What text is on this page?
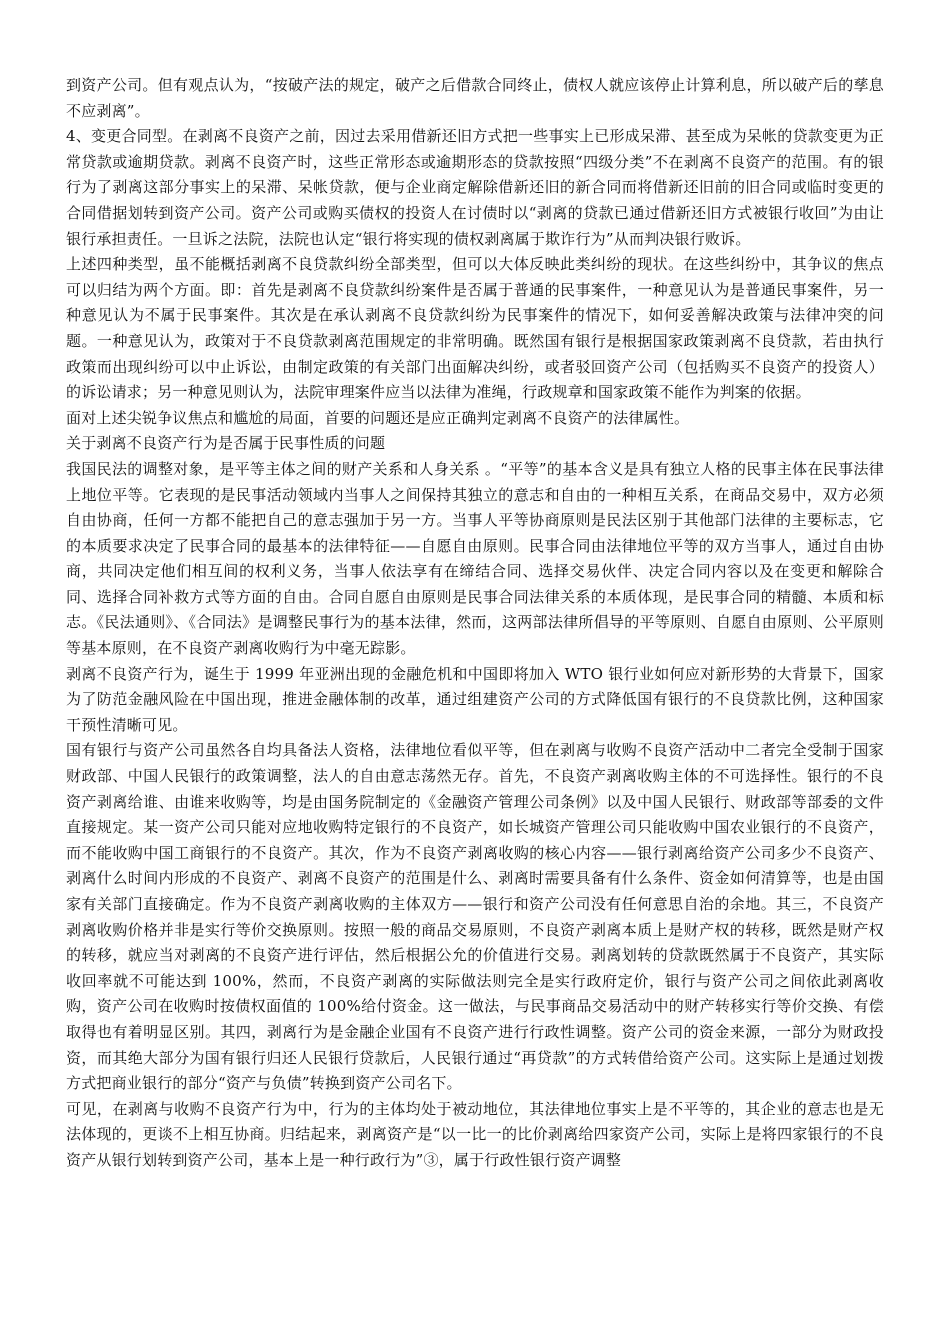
到资产公司。但有观点认为，“按破产法的规定，破产之后借款合同终止，债权人就应该停止计算利息，所以破产后的孳息不应剥离”。

4、变更合同型。在剥离不良资产之前，因过去采用借新还旧方式把一些事实上已形成呆滞、甚至成为呆帐的贷款变更为正常贷款或逾期贷款。剥离不良资产时，这些正常形态或逾期形态的贷款按照“四级分类”不在剥离不良资产的范围。有的银行为了剥离这部分事实上的呆滞、呆帐贷款，便与企业商定解除借新还旧的新合同而将借新还旧前的旧合同或临时变更的合同借据划转到资产公司。资产公司或购买债权的投资人在讨债时以“剥离的贷款已通过借新还旧方式被银行收回”为由让银行承担责任。一旦诉之法院，法院也认定“银行将实现的债权剥离属于欺诈行为”从而判决银行败诉。

上述四种类型，虽不能概括剥离不良贷款纠纷全部类型，但可以大体反映此类纠纷的现状。在这些纠纷中，其争议的焦点可以归结为两个方面。即：首先是剥离不良贷款纠纷案件是否属于普通的民事案件，一种意见认为是普通民事案件，另一种意见认为不属于民事案件。其次是在承认剥离不良贷款纠纷为民事案件的情况下，如何妥善解决政策与法律冲突的问题。一种意见认为，政策对于不良贷款剥离范围规定的非常明确。既然国有银行是根据国家政策剥离不良贷款，若由执行政策而出现纠纷可以中止诉讼，由制定政策的有关部门出面解决纠纷，或者驳回资产公司（包括购买不良资产的投资人）的诉讼请求；另一种意见则认为，法院审理案件应当以法律为准绳，行政规章和国家政策不能作为判案的依据。

面对上述尖锐争议焦点和尴尬的局面，首要的问题还是应正确判定剥离不良资产的法律属性。

关于剥离不良资产行为是否属于民事性质的问题

我国民法的调整对象，是平等主体之间的财产关系和人身关系 。“平等”的基本含义是具有独立人格的民事主体在民事法律上地位平等。它表现的是民事活动领域内当事人之间保持其独立的意志和自由的一种相互关系，在商品交易中，双方必须自由协商，任何一方都不能把自己的意志强加于另一方。当事人平等协商原则是民法区别于其他部门法律的主要标志，它的本质要求决定了民事合同的最基本的法律特征——自愿自由原则。民事合同由法律地位平等的双方当事人，通过自由协商，共同决定他们相互间的权利义务，当事人依法享有在缔结合同、选择交易伙伴、决定合同内容以及在变更和解除合同、选择合同补救方式等方面的自由。合同自愿自由原则是民事合同法律关系的本质体现，是民事合同的精髓、本质和标志。《民法通则》、《合同法》是调整民事行为的基本法律，然而，这两部法律所倡导的平等原则、自愿自由原则、公平原则等基本原则，在不良资产剥离收购行为中毫无踪影。

剥离不良资产行为，诞生于 1999 年亚洲出现的金融危机和中国即将加入 WTO 银行业如何应对新形势的大背景下，国家为了防范金融风险在中国出现，推进金融体制的改革，通过组建资产公司的方式降低国有银行的不良贷款比例，这种国家干预性清晰可见。

国有银行与资产公司虽然各自均具备法人资格，法律地位看似平等，但在剥离与收购不良资产活动中二者完全受制于国家财政部、中国人民银行的政策调整，法人的自由意志荡然无存。首先，不良资产剥离收购主体的不可选择性。银行的不良资产剥离给谁、由谁来收购等，均是由国务院制定的《金融资产管理公司条例》以及中国人民银行、财政部等部委的文件直接规定。某一资产公司只能对应地收购特定银行的不良资产，如长城资产管理公司只能收购中国农业银行的不良资产，而不能收购中国工商银行的不良资产。其次，作为不良资产剥离收购的核心内容——银行剥离给资产公司多少不良资产、剥离什么时间内形成的不良资产、剥离不良资产的范围是什么、剥离时需要具备有什么条件、资金如何清算等，也是由国家有关部门直接确定。作为不良资产剥离收购的主体双方——银行和资产公司没有任何意思自治的余地。其三，不良资产剥离收购价格并非是实行等价交换原则。按照一般的商品交易原则，不良资产剥离本质上是财产权的转移，既然是财产权的转移，就应当对剥离的不良资产进行评估，然后根据公允的价值进行交易。剥离划转的贷款既然属于不良资产，其实际收回率就不可能达到 100%，然而，不良资产剥离的实际做法则完全是实行政府定价，银行与资产公司之间依此剥离收购，资产公司在收购时按债权面值的 100%给付资金。这一做法，与民事商品交易活动中的财产转移实行等价交换、有偿取得也有着明显区别。其四，剥离行为是金融企业国有不良资产进行行政性调整。资产公司的资金来源，一部分为财政投资，而其绝大部分为国有银行归还人民银行贷款后，人民银行通过“再贷款”的方式转借给资产公司。这实际上是通过划拨方式把商业银行的部分“资产与负债”转换到资产公司名下。

可见，在剥离与收购不良资产行为中，行为的主体均处于被动地位，其法律地位事实上是不平等的，其企业的意志也是无法体现的，更谈不上相互协商。归结起来，剥离资产是“以一比一的比价剥离给四家资产公司，实际上是将四家银行的不良资产从银行划转到资产公司，基本上是一种行政行为”③，属于行政性银行资产调整
